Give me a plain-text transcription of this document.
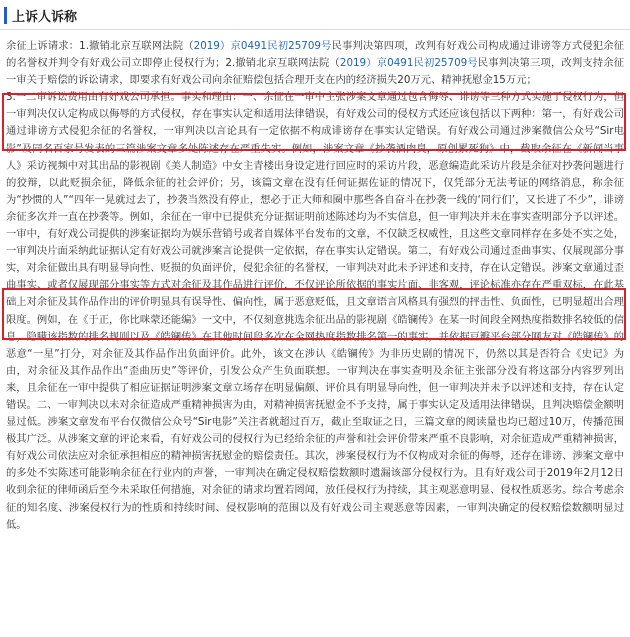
上诉人诉称

余征上诉请求：1.撤销北京互联网法院（2019）京0491民初25709号民事判决第四项，改判有好戏公司构成通过诽谤等方式侵犯余征的名誉权并判令有好戏公司立即停止侵权行为；2.撤销北京互联网法院（2019）京0491民初25709号民事判决第三项，改判支持余征一审关于赔偿的诉讼请求，即要求有好戏公司向余征赔偿包括合理开支在内的经济损失20万元、精神抚慰金15万元；

3.一二审诉讼费用由有好戏公司承担。事实和理由：一、余征在一审中主张涉案文章通过包含侮辱、诽谤等三种方式实施了侵权行为，但一审判决仅认定构成以侮辱的方式侵权，存在事实认定和适用法律错误，有好戏公司的侵权方式还应该包括以下两种：第一，有好戏公司通过诽谤方式侵犯余征的名誉权，一审判决以言论具有一定依据不构成诽谤存在事实认定错误。有好戏公司通过涉案微信公众号“Sir电影”及同名百家号发表的三篇涉案文章多处陈述存在严重失实。例如，涉案文章《抄袭酒肉臭，原创累死狗》中，截取余征在《新闻当事人》采访视频中对其出品的影视剧《美人制造》中女主青楼出身设定进行回应时的采访片段，恶意编造此采访片段是余征对抄袭问题进行的狡辩，以此贬损余征，降低余征的社会评价；另，该篇文章在没有任何证据佐证的情况下，仅凭部分无法考证的网络消息，称余征为“抄惯的人”“四年一晃就过去了，抄袭当然没有停止，想必于正大师和圈中那些各自奋斗在抄袭一线的‘同行们’，又长进了不少”，诽谤余征多次并一直在抄袭等。例如，余征在一审中已提供充分证据证明前述陈述均为不实信息，但一审判决并未在事实查明部分予以评述。一审中，有好戏公司提供的涉案证据均为娱乐营销号或者自媒体平台发布的文章，不仅缺乏权威性，且这些文章同样存在多处不实之处，一审判决片面采纳此证据认定有好戏公司就涉案言论提供一定依据，存在事实认定错误。第二，有好戏公司通过歪曲事实、仅展现部分事实，对余征做出具有明显导向性、贬损的负面评价，侵犯余征的名誉权，一审判决对此未予评述和支持，存在认定错误。涉案文章通过歪曲事实、或者仅展现部分事实等方式对余征及其作品进行评价，不仅评论所依据的事实片面、非客观，评论标准亦存在严重双标，在此基础上对余征及其作品作出的评价明显具有误导性、偏向性，属于恶意贬低，且文章语言风格具有强烈的抨击性、负面性，已明显超出合理限度。例如，在《于正，你比咪蒙还能编》一文中，不仅刻意挑选余征出品的影视剧《皓镧传》在某一时间段全网热度指数排名较低的信息，隐瞒该指数的排名规则以及《皓镧传》在其他时间段多次在全网热度指数排名第一的事实，并依据豆瓣平台部分网友对《皓镧传》的恶意“一星”打分，对余征及其作品作出负面评价。此外，该文在涉认《皓镧传》为非历史剧的情况下，仍然以其是否符合《史记》为由，对余征及其作品作出“歪曲历史”等评价，引发公众产生负面联想。一审判决在事实查明及余征主张部分没有将这部分内容罗列出来，且余征在一审中提供了相应证据证明涉案文章立场存在明显偏颇、评价具有明显导向性，但一审判决并未予以评述和支持，存在认定错误。二、一审判决以未对余征造成严重精神损害为由，对精神损害抚慰金不予支持，属于事实认定及适用法律错误，且判决赔偿金额明显过低。涉案文章发布平台仅微信公众号“Sir电影”关注者就超过百万，截止至取证之日，三篇文章的阅读量也均已超过10万，传播范围极其广泛。从涉案文章的评论来看，有好戏公司的侵权行为已经给余征的声誉和社会评价带来严重不良影响，对余征造成严重精神损害，有好戏公司依法应对余征承担相应的精神损害抚慰金的赔偿责任。其次，涉案侵权行为不仅构成对余征的侮辱，还存在诽谤、涉案文章中的多处不实陈述可能影响余征在行业内的声誉，一审判决在确定侵权赔偿数额时遗漏该部分侵权行为。且有好戏公司于2019年2月12日收到余征的律师函后至今未采取任何措施，对余征的请求均置若罔闻，放任侵权行为持续，其主观恶意明显、侵权性质恶劣。综合考虑余征的知名度、涉案侵权行为的性质和持续时间、侵权影响的范围以及有好戏公司主观恶意等因素，一审判决确定的侵权赔偿数额明显过低。
